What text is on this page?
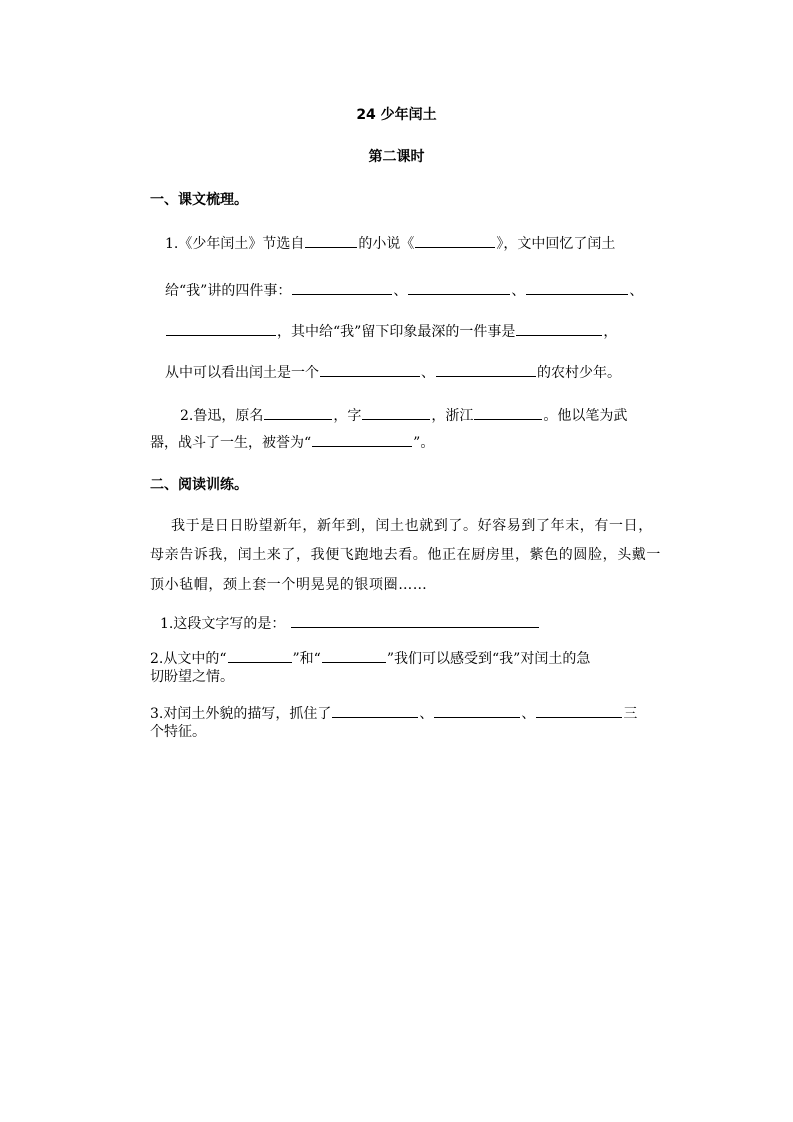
24 少年闰土
第二课时
一、课文梳理。
1.《少年闰土》节选自	的小说《	》，文中回忆了闰土
给“我”讲的四件事：	、	、	、
，其中给“我”留下印象最深的一件事是	，
从中可以看出闰土是一个	、	的农村少年。
2.鲁迅，原名	，字	，浙江	。他以笔为武
器，战斗了一生，被誉为“	”。
二、阅读训练。
我于是日日盼望新年，新年到，闰土也就到了。好容易到了年末，有一日，
母亲告诉我，闰土来了，我便飞跑地去看。他正在厨房里，紫色的圆脸，头戴一
顶小毡帽，颈上套一个明晃晃的银项圈……
1.这段文字写的是：
2.从文中的“	”和“	”我们可以感受到“我”对闰土的急
切盼望之情。
3.对闰土外貌的描写，抓住了	、	、	三
个特征。
